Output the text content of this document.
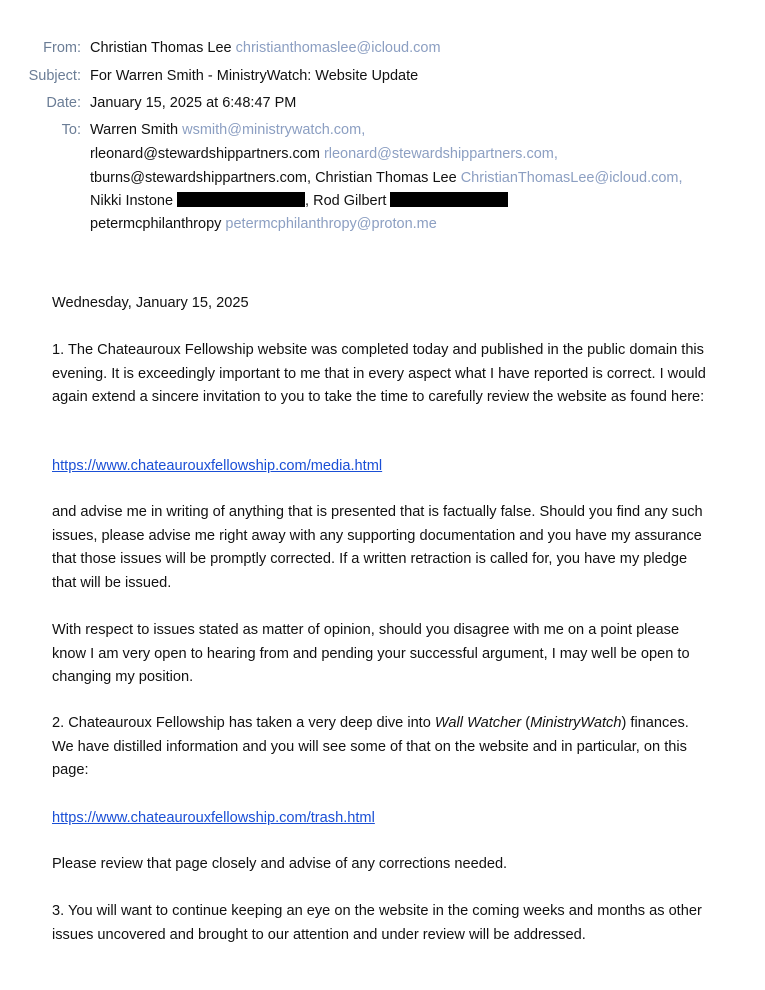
From: Christian Thomas Lee christianthomaslee@icloud.com
Subject: For Warren Smith - MinistryWatch: Website Update
Date: January 15, 2025 at 6:48:47 PM
To: Warren Smith wsmith@ministrywatch.com,
rleonard@stewardshippartners.com rleonard@stewardshippartners.com,
tburns@stewardshippartners.com, Christian Thomas Lee ChristianThomasLee@icloud.com,
Nikki Instone	, Rod Gilbert
petermcphilanthropy petermcphilanthropy@proton.me
Wednesday, January 15, 2025
1. The Chateauroux Fellowship website was completed today and published in the public domain this evening. It is exceedingly important to me that in every aspect what I have reported is correct. I would again extend a sincere invitation to you to take the time to carefully review the website as found here:
https://www.chateaurouxfellowship.com/media.html
and advise me in writing of anything that is presented that is factually false. Should you find any such issues, please advise me right away with any supporting documentation and you have my assurance that those issues will be promptly corrected. If a written retraction is called for, you have my pledge that will be issued.
With respect to issues stated as matter of opinion, should you disagree with me on a point please know I am very open to hearing from and pending your successful argument, I may well be open to changing my position.
2. Chateauroux Fellowship has taken a very deep dive into Wall Watcher (MinistryWatch) finances. We have distilled information and you will see some of that on the website and in particular, on this page:
https://www.chateaurouxfellowship.com/trash.html
Please review that page closely and advise of any corrections needed.
3. You will want to continue keeping an eye on the website in the coming weeks and months as other issues uncovered and brought to our attention and under review will be addressed.
